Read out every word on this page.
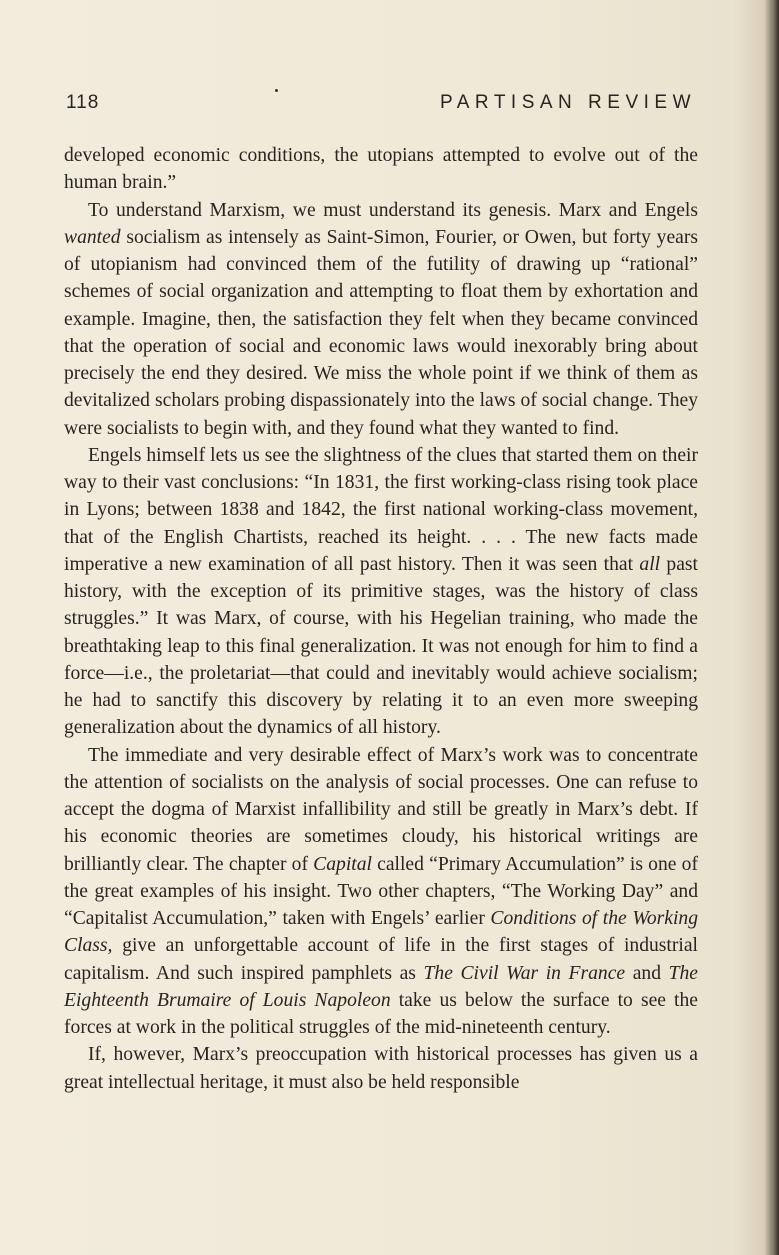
118	PARTISAN REVIEW

developed economic conditions, the utopians attempted to evolve out of the human brain.”

To understand Marxism, we must understand its genesis. Marx and Engels wanted socialism as intensely as Saint-Simon, Fourier, or Owen, but forty years of utopianism had convinced them of the futility of drawing up “rational” schemes of social organization and attempting to float them by exhortation and example. Imagine, then, the satisfaction they felt when they became convinced that the operation of social and economic laws would inexorably bring about precisely the end they desired. We miss the whole point if we think of them as devitalized scholars probing dispassionately into the laws of social change. They were socialists to begin with, and they found what they wanted to find.

Engels himself lets us see the slightness of the clues that started them on their way to their vast conclusions: “In 1831, the first working-class rising took place in Lyons; between 1838 and 1842, the first national working-class movement, that of the English Chartists, reached its height. . . . The new facts made imperative a new examination of all past history. Then it was seen that all past history, with the exception of its primitive stages, was the history of class struggles.” It was Marx, of course, with his Hegelian training, who made the breathtaking leap to this final generalization. It was not enough for him to find a force—i.e., the proletariat—that could and inevitably would achieve socialism; he had to sanctify this discovery by relating it to an even more sweeping generalization about the dynamics of all history.

The immediate and very desirable effect of Marx’s work was to concentrate the attention of socialists on the analysis of social processes. One can refuse to accept the dogma of Marxist infallibility and still be greatly in Marx’s debt. If his economic theories are sometimes cloudy, his historical writings are brilliantly clear. The chapter of Capital called “Primary Accumulation” is one of the great examples of his insight. Two other chapters, “The Working Day” and “Capitalist Accumulation,” taken with Engels’ earlier Conditions of the Working Class, give an unforgettable account of life in the first stages of industrial capitalism. And such inspired pamphlets as The Civil War in France and The Eighteenth Brumaire of Louis Napoleon take us below the surface to see the forces at work in the political struggles of the mid-nineteenth century.

If, however, Marx’s preoccupation with historical processes has given us a great intellectual heritage, it must also be held responsible
